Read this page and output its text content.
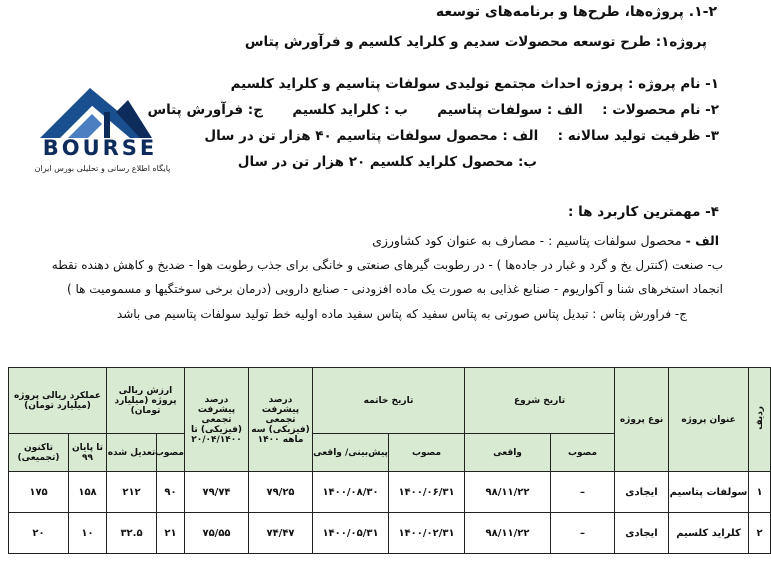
۱-۲. پروژه‌ها، طرح‌ها و برنامه‌های توسعه
پروژه۱: طرح توسعه محصولات سدیم و کلراید کلسیم و فرآورش پتاس
۱- نام پروژه : پروژه احداث مجتمع تولیدی سولفات پتاسیم و کلراید کلسیم
۲- نام محصولات :  الف : سولفات پتاسیم  ب : کلراید کلسیم  ج: فرآورش پتاس
۳- ظرفیت تولید سالانه :  الف : محصول سولفات پتاسیم ۴۰ هزار تن در سال
ب: محصول کلراید کلسیم ۲۰ هزار تن در سال
۴- مهمترین کاربرد ها :
الف - محصول سولفات پتاسیم : - مصارف به عنوان کود کشاورزی
ب- صنعت (کنترل یخ و گرد و غبار در جاده‌ها ) - در رطوبت گیرهای صنعتی و خانگی برای جذب رطوبت هوا - ضدیخ و کاهش دهنده نقطه
انجماد استخرهای شنا و آکواریوم - صنایع غذایی به صورت یک ماده افزودنی - صنایع دارویی (درمان برخی سوختگیها و مسمومیت ها )
ج- فراورش پتاس : تبدیل پتاس صورتی به پتاس سفید که پتاس سفید ماده اولیه خط تولید سولفات پتاسیم می باشد
BOURSE
پایگاه اطلاع رسانی و تحلیلی بورس ایران
ردیف	عنوان پروژه	نوع پروژه	تاریخ شروع		تاریخ خاتمه		درصد پیشرفت تجمعی (فیزیکی) سه ماهه ۱۴۰۰	درصد پیشرفت تجمعی (فیزیکی) تا ۲۰/۰۴/۱۴۰۰	ارزش ریالی پروژه (میلیارد تومان)		عملکرد ریالی پروژه (میلیارد تومان)	
			مصوب	واقعی	مصوب	پیش‌بینی/ واقعی			مصوب	تعدیل شده	تا پایان ۹۹	تاکنون (تجمیعی)
۱	سولفات پتاسیم	ایجادی	–	۹۸/۱۱/۲۲	۱۴۰۰/۰۶/۳۱	۱۴۰۰/۰۸/۳۰	۷۹/۲۵	۷۹/۷۴	۹۰	۲۱۲	۱۵۸	۱۷۵
۲	کلراید کلسیم	ایجادی	–	۹۸/۱۱/۲۲	۱۴۰۰/۰۲/۳۱	۱۴۰۰/۰۵/۳۱	۷۴/۴۷	۷۵/۵۵	۲۱	۳۲.۵	۱۰	۲۰
